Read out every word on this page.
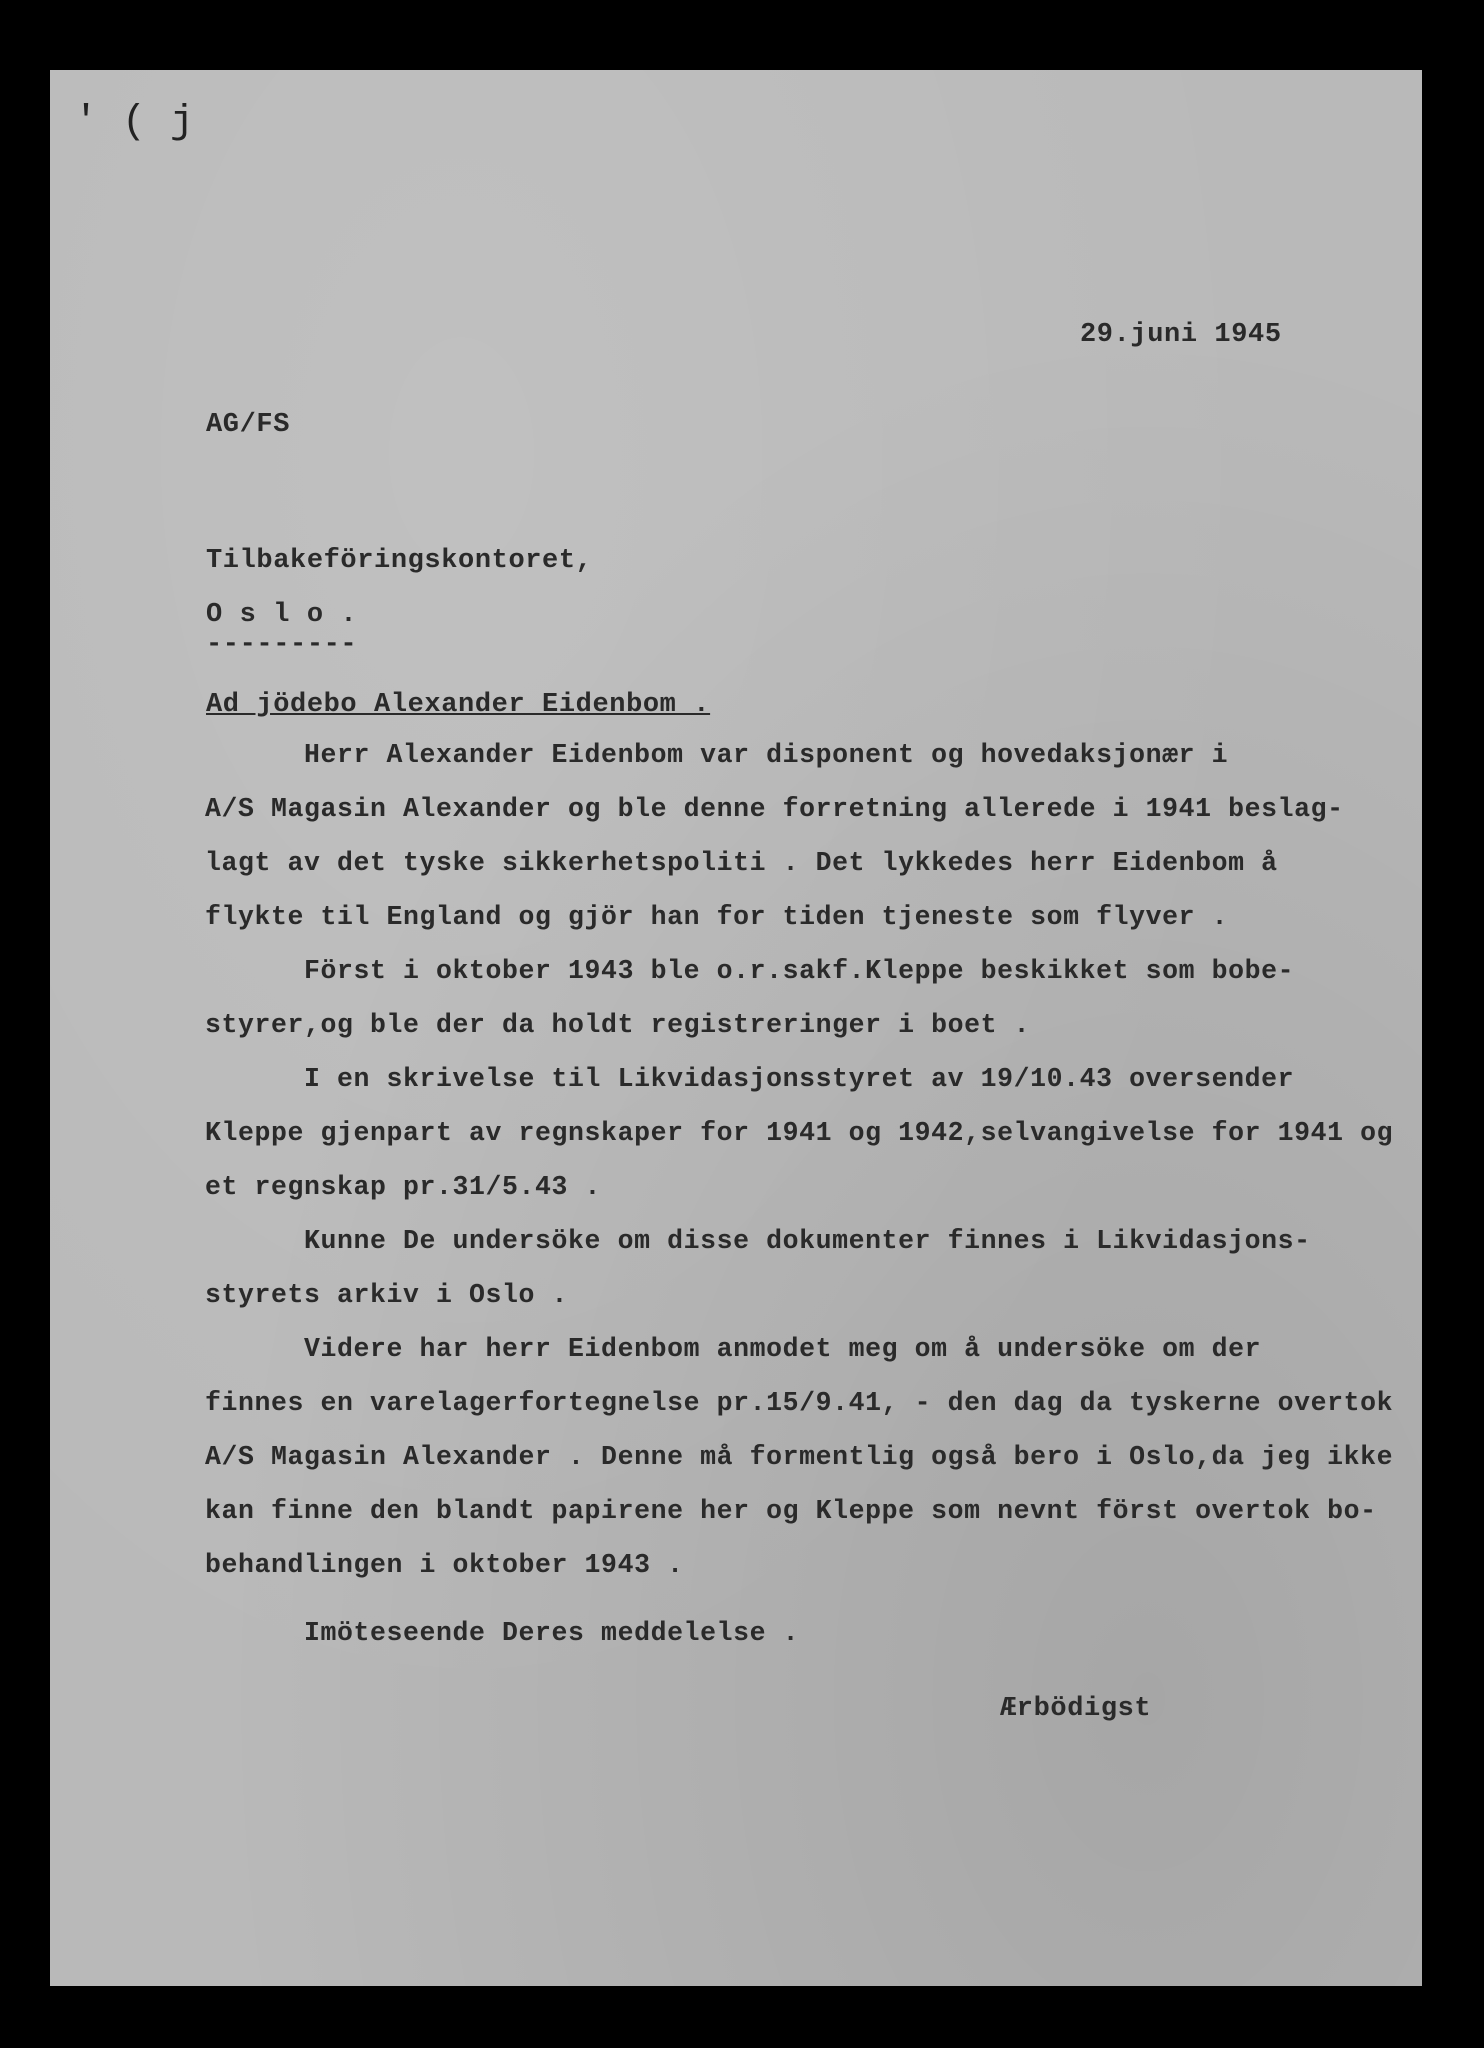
' ( j
29.juni 1945
AG/FS
Tilbakeföringskontoret,
O s l o .
---------
Ad jödebo Alexander Eidenbom .
Herr Alexander Eidenbom var disponent og hovedaksjonær i
A/S Magasin Alexander og ble denne forretning allerede i 1941 beslag-
lagt av det tyske sikkerhetspoliti . Det lykkedes herr Eidenbom å
flykte til England og gjör han for tiden tjeneste som flyver .
Först i oktober 1943 ble o.r.sakf.Kleppe beskikket som bobe-
styrer,og ble der da holdt registreringer i boet .
I en skrivelse til Likvidasjonsstyret av 19/10.43 oversender
Kleppe gjenpart av regnskaper for 1941 og 1942,selvangivelse for 1941 og
et regnskap pr.31/5.43 .
Kunne De undersöke om disse dokumenter finnes i Likvidasjons-
styrets arkiv i Oslo .
Videre har herr Eidenbom anmodet meg om å undersöke om der
finnes en varelagerfortegnelse pr.15/9.41, - den dag da tyskerne overtok
A/S Magasin Alexander . Denne må formentlig også bero i Oslo,da jeg ikke
kan finne den blandt papirene her og Kleppe som nevnt först overtok bo-
behandlingen i oktober 1943 .
Imöteseende Deres meddelelse .
Ærbödigst
